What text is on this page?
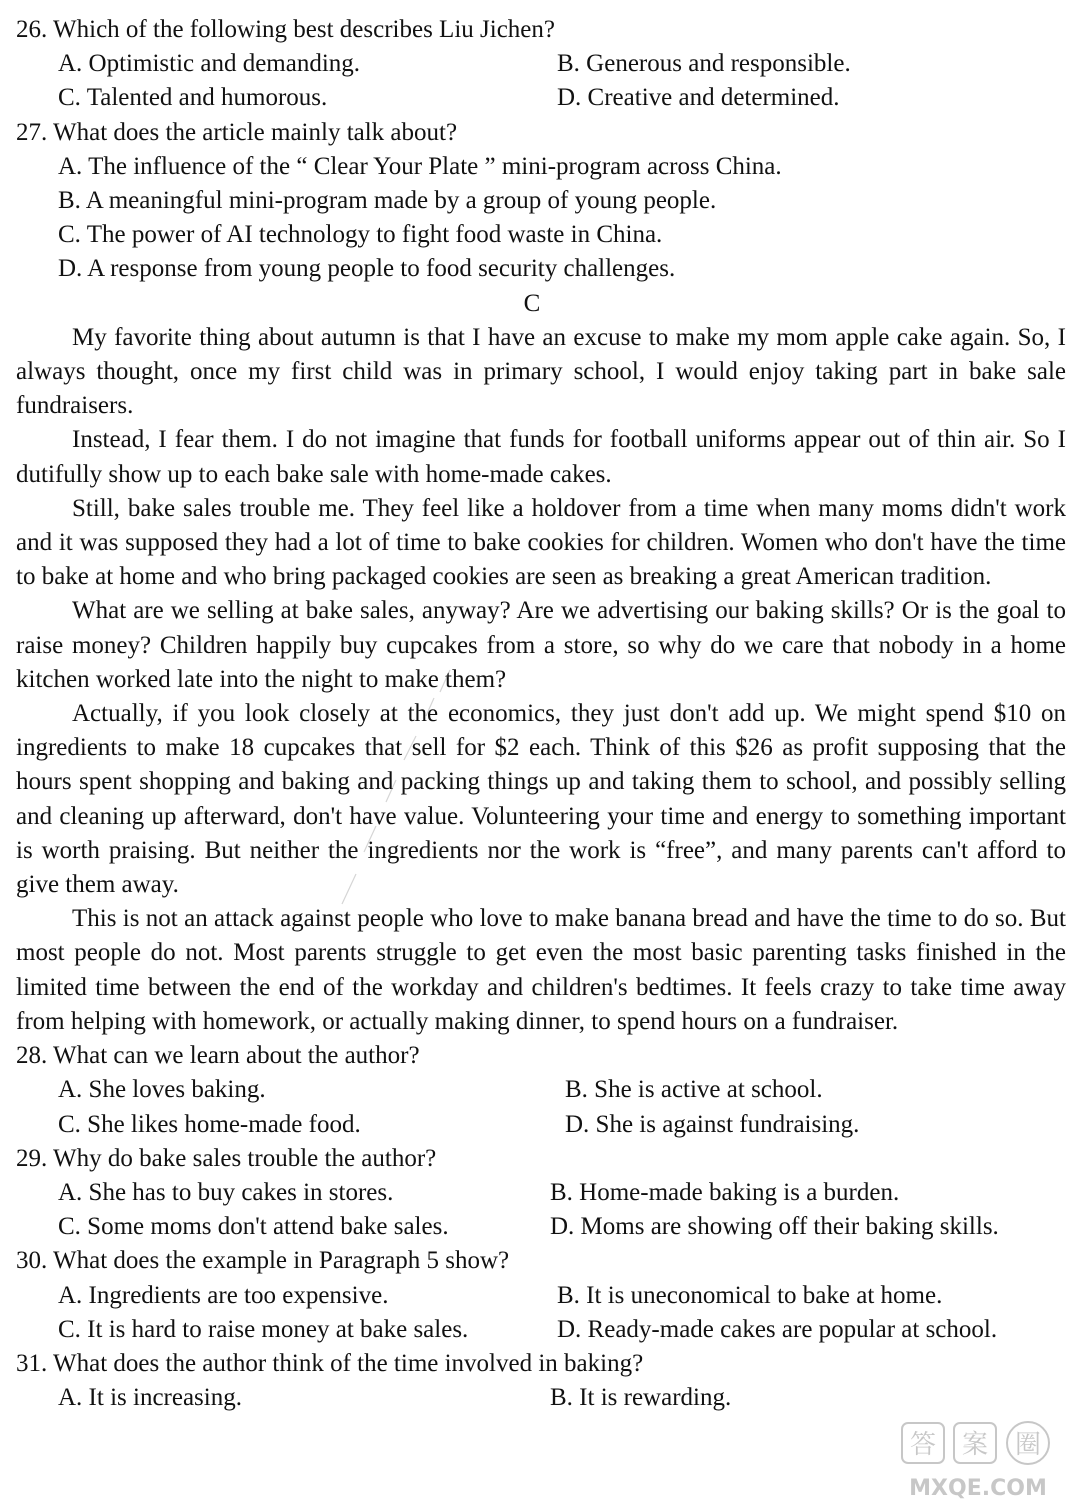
26. Which of the following best describes Liu Jichen?
A. Optimistic and demanding.	B. Generous and responsible.
C. Talented and humorous.	D. Creative and determined.
27. What does the article mainly talk about?
A. The influence of the “ Clear Your Plate ” mini-program across China.
B. A meaningful mini-program made by a group of young people.
C. The power of AI technology to fight food waste in China.
D. A response from young people to food security challenges.
C

My favorite thing about autumn is that I have an excuse to make my mom apple cake again. So, I always thought, once my first child was in primary school, I would enjoy taking part in bake sale fundraisers.

Instead, I fear them. I do not imagine that funds for football uniforms appear out of thin air. So I dutifully show up to each bake sale with home-made cakes.

Still, bake sales trouble me. They feel like a holdover from a time when many moms didn't work and it was supposed they had a lot of time to bake cookies for children. Women who don't have the time to bake at home and who bring packaged cookies are seen as breaking a great American tradition.

What are we selling at bake sales, anyway? Are we advertising our baking skills? Or is the goal to raise money? Children happily buy cupcakes from a store, so why do we care that nobody in a home kitchen worked late into the night to make them?

Actually, if you look closely at the economics, they just don't add up. We might spend $10 on ingredients to make 18 cupcakes that sell for $2 each. Think of this $26 as profit supposing that the hours spent shopping and baking and packing things up and taking them to school, and possibly selling and cleaning up afterward, don't have value. Volunteering your time and energy to something important is worth praising. But neither the ingredients nor the work is “free”, and many parents can't afford to give them away.

This is not an attack against people who love to make banana bread and have the time to do so. But most people do not. Most parents struggle to get even the most basic parenting tasks finished in the limited time between the end of the workday and children's bedtimes. It feels crazy to take time away from helping with homework, or actually making dinner, to spend hours on a fundraiser.

28. What can we learn about the author?
A. She loves baking.	B. She is active at school.
C. She likes home-made food.	D. She is against fundraising.
29. Why do bake sales trouble the author?
A. She has to buy cakes in stores.	B. Home-made baking is a burden.
C. Some moms don't attend bake sales.	D. Moms are showing off their baking skills.
30. What does the example in Paragraph 5 show?
A. Ingredients are too expensive.	B. It is uneconomical to bake at home.
C. It is hard to raise money at bake sales.	D. Ready-made cakes are popular at school.
31. What does the author think of the time involved in baking?
A. It is increasing.	B. It is rewarding.
答 案 圈
MXQE.COM
